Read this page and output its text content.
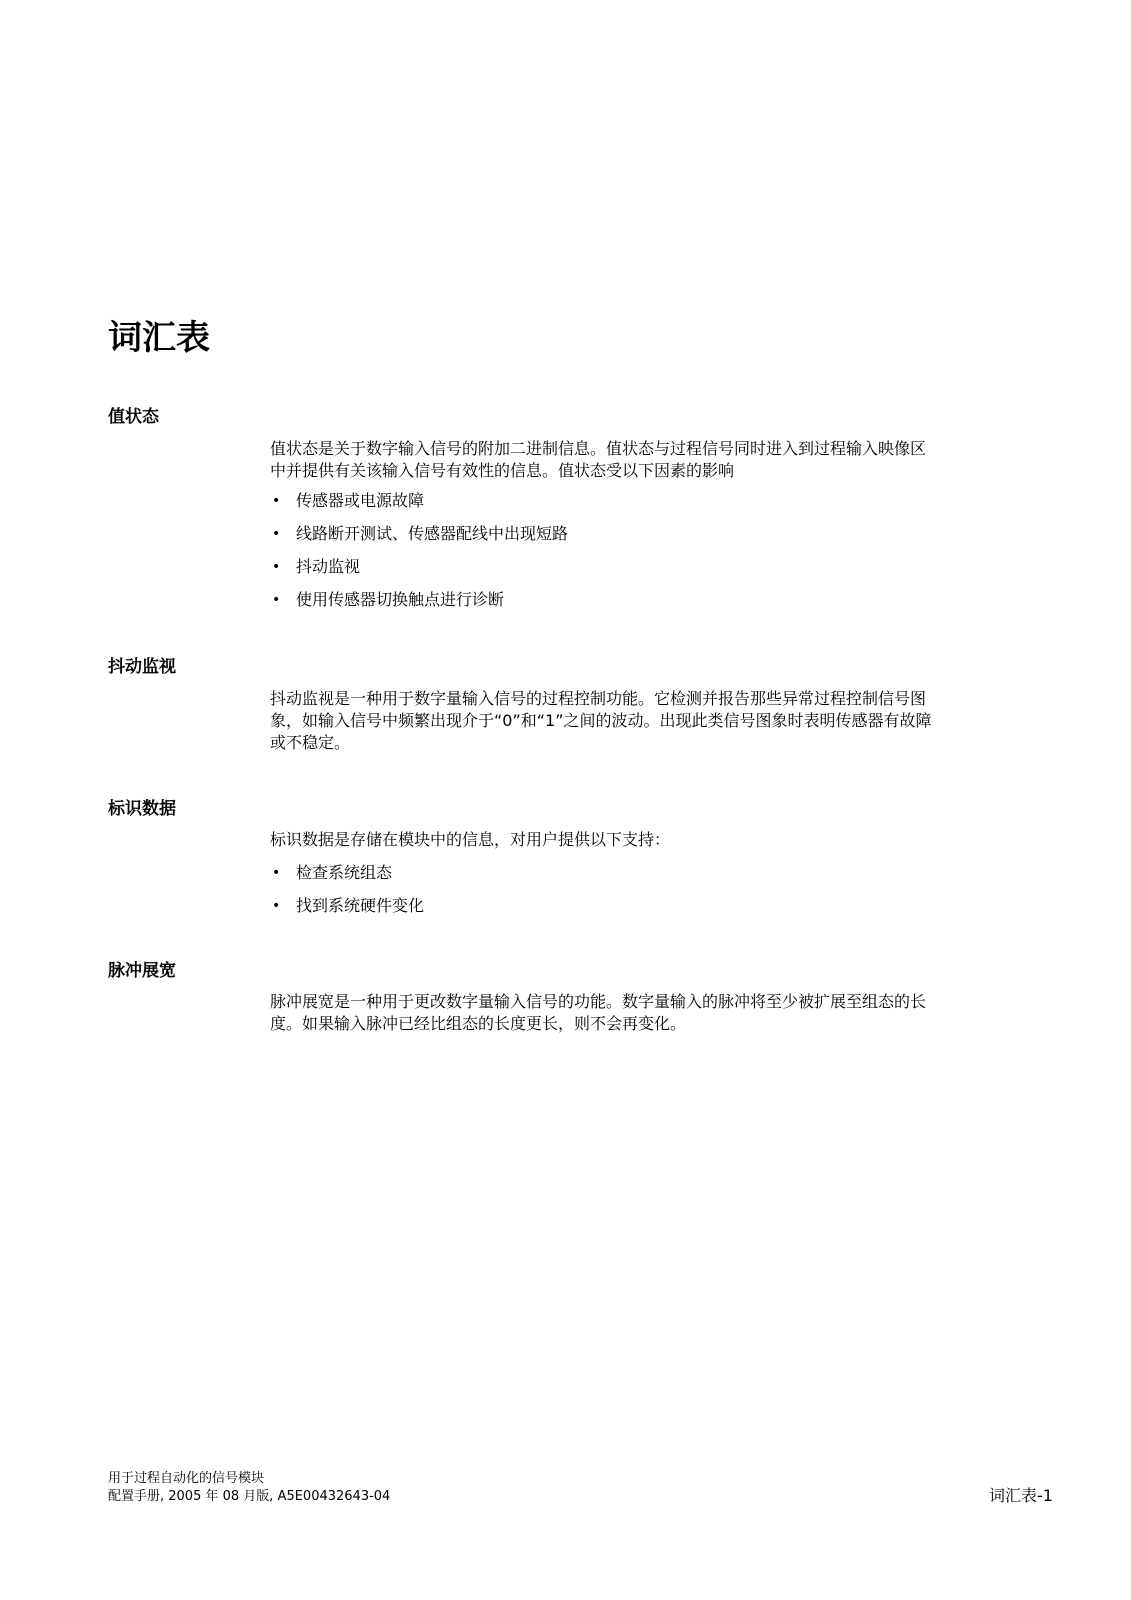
词汇表
值状态
值状态是关于数字输入信号的附加二进制信息。值状态与过程信号同时进入到过程输入映像区
中并提供有关该输入信号有效性的信息。值状态受以下因素的影响
• 传感器或电源故障
• 线路断开测试、传感器配线中出现短路
• 抖动监视
• 使用传感器切换触点进行诊断
抖动监视
抖动监视是一种用于数字量输入信号的过程控制功能。它检测并报告那些异常过程控制信号图
象，如输入信号中频繁出现介于“0”和“1”之间的波动。出现此类信号图象时表明传感器有故障
或不稳定。
标识数据
标识数据是存储在模块中的信息，对用户提供以下支持：
• 检查系统组态
• 找到系统硬件变化
脉冲展宽
脉冲展宽是一种用于更改数字量输入信号的功能。数字量输入的脉冲将至少被扩展至组态的长
度。如果输入脉冲已经比组态的长度更长，则不会再变化。
用于过程自动化的信号模块
配置手册, 2005 年 08 月版, A5E00432643-04	词汇表-1
